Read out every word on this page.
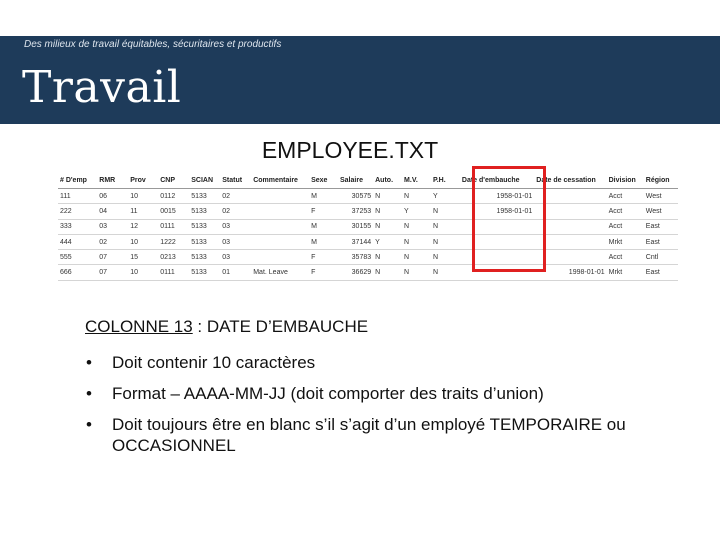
Des milieux de travail équitables, sécuritaires et productifs
Travail
EMPLOYEE.TXT
# D'emp	RMR	Prov	CNP	SCIAN	Statut	Commentaire	Sexe	Salaire	Auto.	M.V.	P.H.	Date d'embauche	Date de cessation	Division	Région
111	06	10	0112	5133	02		M	30575	N	N	Y	1958-01-01		Acct	West
222	04	11	0015	5133	02		F	37253	N	Y	N	1958-01-01		Acct	West
333	03	12	0111	5133	03		M	30155	N	N	N			Acct	East
444	02	10	1222	5133	03		M	37144	Y	N	N			Mrkt	East
555	07	15	0213	5133	03		F	35783	N	N	N			Acct	Cntl
666	07	10	0111	5133	01	Mat. Leave	F	36629	N	N	N		1998-01-01	Mrkt	East
COLONNE 13 : DATE D’EMBAUCHE
• Doit contenir 10 caractères
• Format – AAAA-MM-JJ (doit comporter des traits d’union)
• Doit toujours être en blanc s’il s’agit d’un employé TEMPORAIRE ou OCCASIONNEL
